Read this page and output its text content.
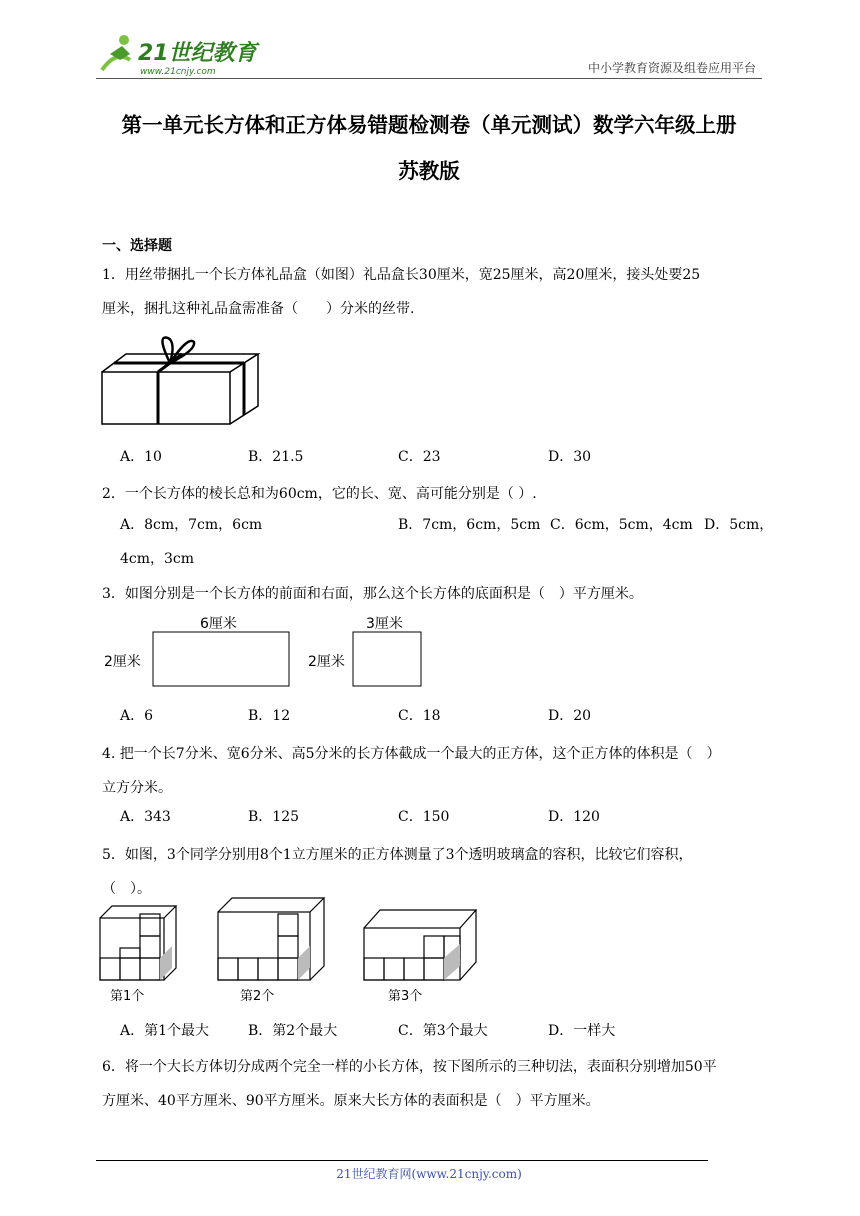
21世纪教育
www.21cnjy.com	中小学教育资源及组卷应用平台
第一单元长方体和正方体易错题检测卷（单元测试）数学六年级上册
苏教版
一、选择题
1．用丝带捆扎一个长方体礼品盒（如图）礼品盒长30厘米，宽25厘米，高20厘米，接头处要25
厘米，捆扎这种礼品盒需准备（　　）分米的丝带.
A．10	B．21.5	C．23	D．30
2．一个长方体的棱长总和为60cm，它的长、宽、高可能分别是（ ）.
A．8cm，7cm，6cm	B．7cm，6cm，5cm C．6cm，5cm，4cm D．5cm，
4cm，3cm
3．如图分别是一个长方体的前面和右面，那么这个长方体的底面积是（　）平方厘米。
6厘米
2厘米
3厘米
2厘米
A．6	B．12	C．18	D．20
4. 把一个长7分米、宽6分米、高5分米的长方体截成一个最大的正方体，这个正方体的体积是（　）
立方分米。
A．343	B．125	C．150	D．120
5．如图，3个同学分别用8个1立方厘米的正方体测量了3个透明玻璃盒的容积，比较它们容积，
（　）。
第1个	第2个	第3个
A．第1个最大	B．第2个最大	C．第3个最大	D．一样大
6．将一个大长方体切分成两个完全一样的小长方体，按下图所示的三种切法，表面积分别增加50平
方厘米、40平方厘米、90平方厘米。原来大长方体的表面积是（　）平方厘米。
21世纪教育网(www.21cnjy.com)
